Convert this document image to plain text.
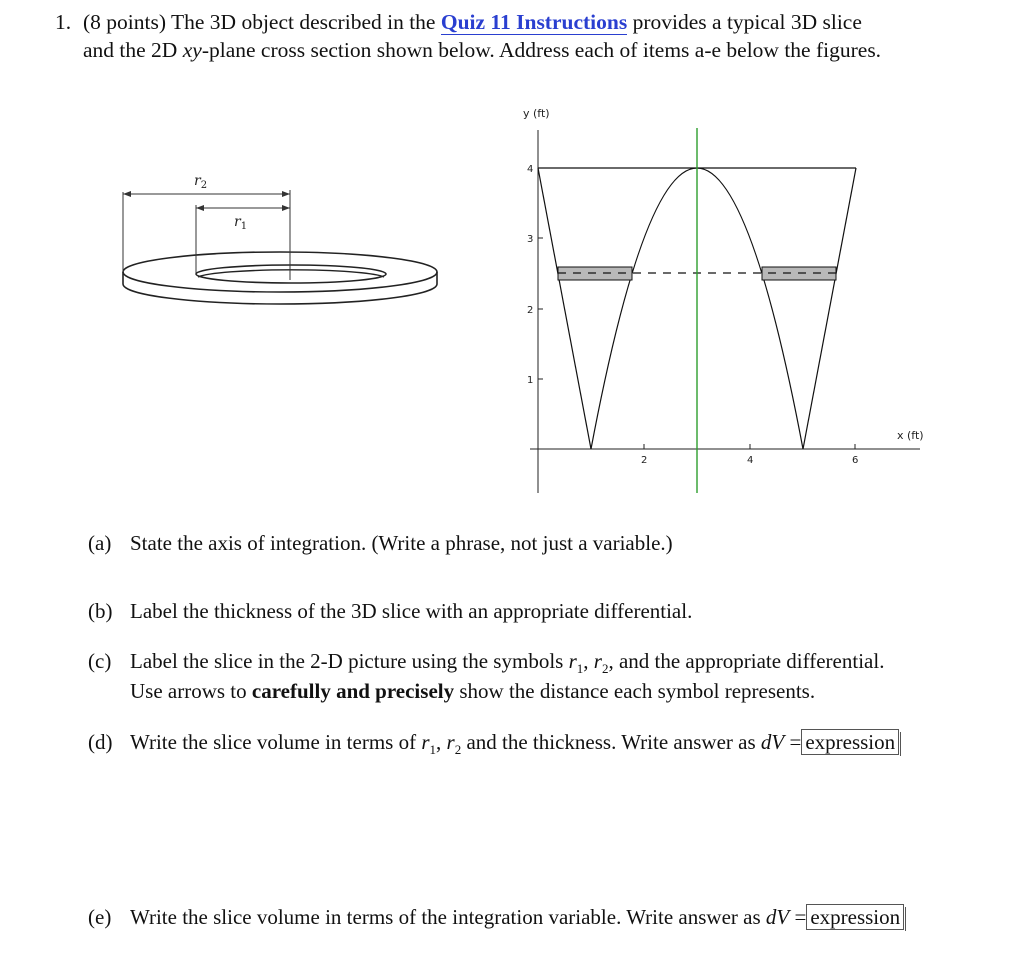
1. (8 points) The 3D object described in the Quiz 11 Instructions provides a typical 3D slice
and the 2D xy-plane cross section shown below. Address each of items a-e below the figures.
$r_2$
$r_1$
y (ft)
1
2
3
4
2	4	6
x (ft)
(a) State the axis of integration. (Write a phrase, not just a variable.)
(b) Label the thickness of the 3D slice with an appropriate differential.
(c) Label the slice in the 2-D picture using the symbols $r_1$, $r_2$, and the appropriate differential.
Use arrows to carefully and precisely show the distance each symbol represents.
(d) Write the slice volume in terms of $r_1$, $r_2$ and the thickness. Write answer as dV = expression
(e) Write the slice volume in terms of the integration variable. Write answer as dV = expression
